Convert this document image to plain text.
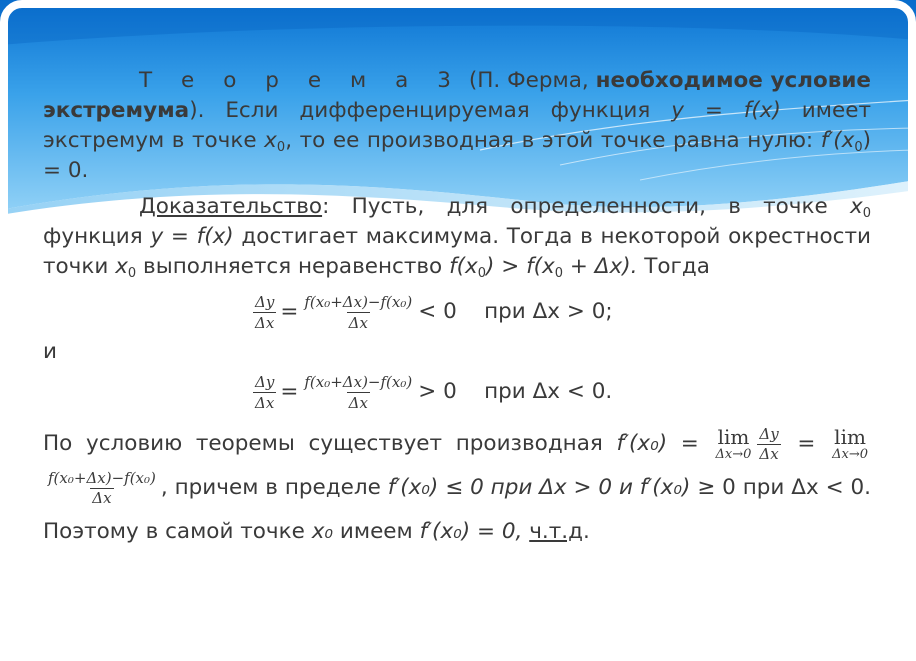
Т е о р е м а 3 (П. Ферма, необходимое условие экстремума). Если дифференцируемая функция y = f(x) имеет экстремум в точке $x_0$, то ее производная в этой точке равна нулю: $f'(x_0) = 0$.

Доказательство: Пусть, для определенности, в точке $x_0$ функция y = f(x) достигает максимума. Тогда в некоторой окрестности точки $x_0$ выполняется неравенство $f(x_0) > f(x_0 + \Delta x)$. Тогда

$\frac{\Delta y}{\Delta x} = \frac{\text{f(x₀+Δx)−f(x₀)}}{\Delta x} < 0$    при Δx > 0;

и

$\frac{\Delta y}{\Delta x} = \frac{\text{f(x₀+Δx)−f(x₀)}}{\Delta x} > 0$    при Δx < 0.

По условию теоремы существует производная f′(x₀) = lim
$\Delta x\to 0 \frac{\Delta y}{\Delta x} = \lim$
Δx→0
$\frac{\text{f(x₀+Δx)−f(x₀)}}{\Delta x}$ , причем в пределе f′(x₀) ≤ 0 при Δx > 0 и f′(x₀) ≥ 0 при Δx < 0. Поэтому в самой точке x₀ имеем f′(x₀) = 0, ч.т.д.
